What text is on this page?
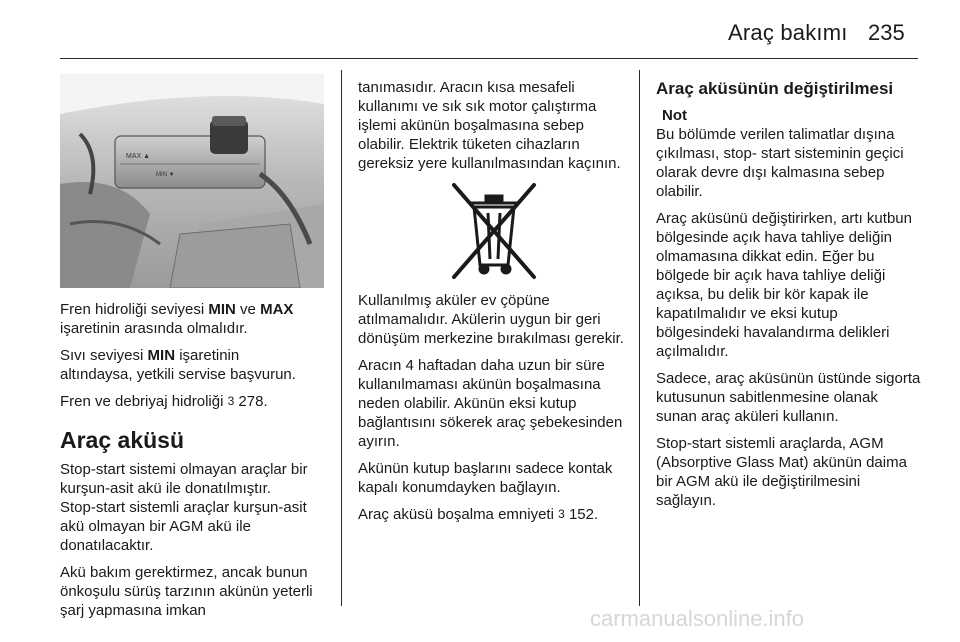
Araç bakımı 235
MAX ▲
MIN ▼

Fren hidroliği seviyesi MIN ve MAX
işaretinin arasında olmalıdır.

Sıvı seviyesi MIN işaretinin
altındaysa, yetkili servise başvurun.

Fren ve debriyaj hidroliği 3 278.

Araç aküsü

Stop-start sistemi olmayan araçlar bir kurşun-asit akü ile donatılmıştır.

Stop-start sistemli araçlar kurşun-asit akü olmayan bir AGM akü ile donatılacaktır.

Akü bakım gerektirmez, ancak bunun önkoşulu sürüş tarzının akünün yeterli şarj yapmasına imkan

tanımasıdır. Aracın kısa mesafeli kullanımı ve sık sık motor çalıştırma işlemi akünün boşalmasına sebep olabilir. Elektrik tüketen cihazların gereksiz yere kullanılmasından kaçının.

Kullanılmış aküler ev çöpüne atılmamalıdır. Akülerin uygun bir geri dönüşüm merkezine bırakılması gerekir.

Aracın 4 haftadan daha uzun bir süre kullanılmaması akünün boşalmasına neden olabilir. Akünün eksi kutup bağlantısını sökerek araç şebekesinden ayırın.

Akünün kutup başlarını sadece kontak kapalı konumdayken bağlayın.

Araç aküsü boşalma emniyeti 3 152.

Araç aküsünün değiştirilmesi
Not

Bu bölümde verilen talimatlar dışına çıkılması, stop- start sisteminin geçici olarak devre dışı kalmasına sebep olabilir.

Araç aküsünü değiştirirken, artı kutbun bölgesinde açık hava tahliye deliğin olmamasına dikkat edin. Eğer bu bölgede bir açık hava tahliye deliği açıksa, bu delik bir kör kapak ile kapatılmalıdır ve eksi kutup bölgesindeki havalandırma delikleri açılmalıdır.

Sadece, araç aküsünün üstünde sigorta kutusunun sabitlenmesine olanak sunan araç aküleri kullanın.

Stop-start sistemli araçlarda, AGM (Absorptive Glass Mat) akünün daima bir AGM akü ile değiştirilmesini sağlayın.

carmanualsonline.info
